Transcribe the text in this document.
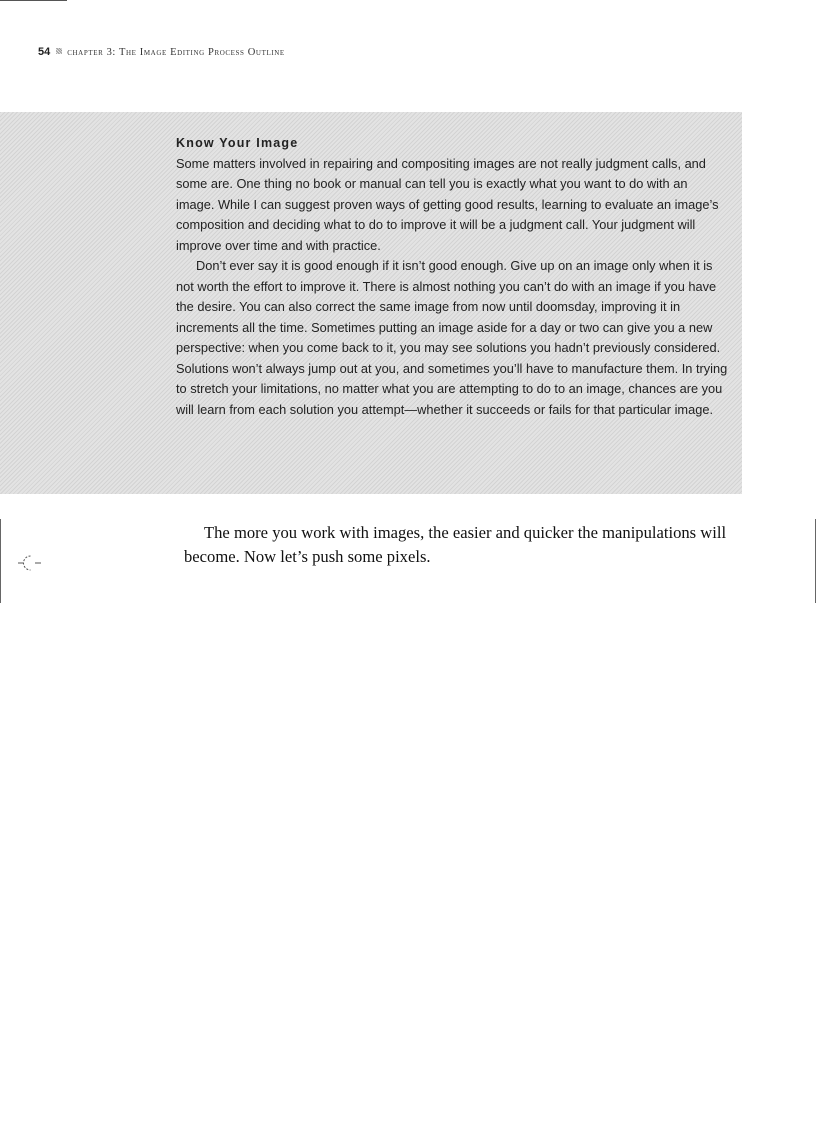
54 chapter 3: The Image Editing Process Outline

Know Your Image

Some matters involved in repairing and compositing images are not really judgment calls, and some are. One thing no book or manual can tell you is exactly what you want to do with an image. While I can suggest proven ways of getting good results, learning to evaluate an image’s composition and deciding what to do to improve it will be a judgment call. Your judgment will improve over time and with practice.

Don’t ever say it is good enough if it isn’t good enough. Give up on an image only when it is not worth the effort to improve it. There is almost nothing you can’t do with an image if you have the desire. You can also correct the same image from now until doomsday, improving it in increments all the time. Sometimes putting an image aside for a day or two can give you a new perspective: when you come back to it, you may see solutions you hadn’t previously considered. Solutions won’t always jump out at you, and sometimes you’ll have to manufacture them. In trying to stretch your limitations, no matter what you are attempting to do to an image, chances are you will learn from each solution you attempt—whether it succeeds or fails for that particular image.

The more you work with images, the easier and quicker the manipulations will become. Now let’s push some pixels.
